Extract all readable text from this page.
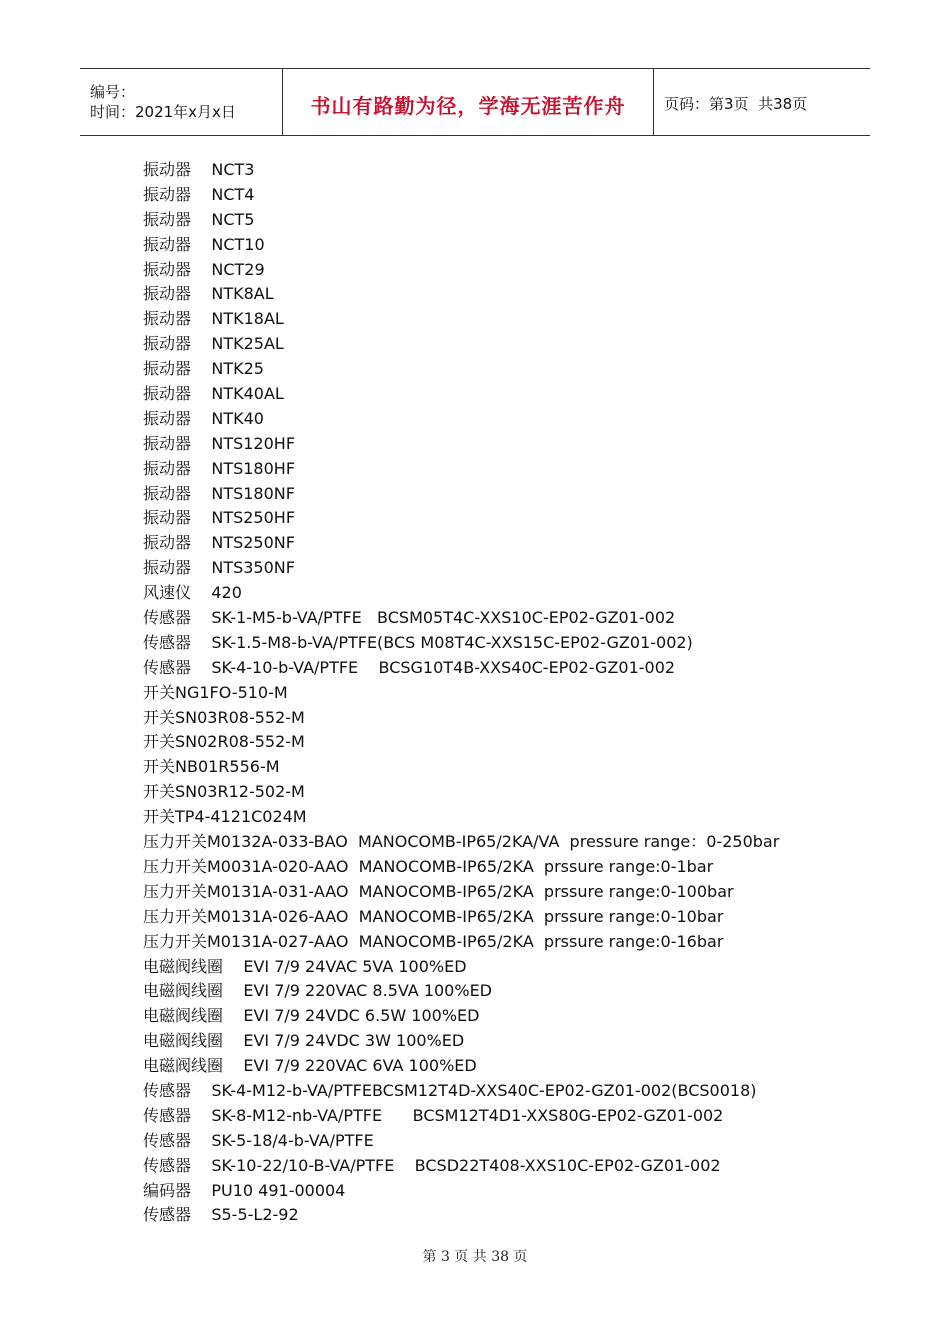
编号：
时间：2021年x月x日	书山有路勤为径，学海无涯苦作舟	页码：第3页  共38页
振动器    NCT3
振动器    NCT4
振动器    NCT5
振动器    NCT10
振动器    NCT29
振动器    NTK8AL
振动器    NTK18AL
振动器    NTK25AL
振动器    NTK25
振动器    NTK40AL
振动器    NTK40
振动器    NTS120HF
振动器    NTS180HF
振动器    NTS180NF
振动器    NTS250HF
振动器    NTS250NF
振动器    NTS350NF
风速仪    420
传感器    SK-1-M5-b-VA/PTFE   BCSM05T4C-XXS10C-EP02-GZ01-002
传感器    SK-1.5-M8-b-VA/PTFE(BCS M08T4C-XXS15C-EP02-GZ01-002)
传感器    SK-4-10-b-VA/PTFE    BCSG10T4B-XXS40C-EP02-GZ01-002
开关NG1FO-510-M
开关SN03R08-552-M
开关SN02R08-552-M
开关NB01R556-M
开关SN03R12-502-M
开关TP4-4121C024M
压力开关M0132A-033-BAO  MANOCOMB-IP65/2KA/VA  pressure range：0-250bar
压力开关M0031A-020-AAO  MANOCOMB-IP65/2KA  prssure range:0-1bar
压力开关M0131A-031-AAO  MANOCOMB-IP65/2KA  prssure range:0-100bar
压力开关M0131A-026-AAO  MANOCOMB-IP65/2KA  prssure range:0-10bar
压力开关M0131A-027-AAO  MANOCOMB-IP65/2KA  prssure range:0-16bar
电磁阀线圈    EVI 7/9 24VAC 5VA 100%ED
电磁阀线圈    EVI 7/9 220VAC 8.5VA 100%ED
电磁阀线圈    EVI 7/9 24VDC 6.5W 100%ED
电磁阀线圈    EVI 7/9 24VDC 3W 100%ED
电磁阀线圈    EVI 7/9 220VAC 6VA 100%ED
传感器    SK-4-M12-b-VA/PTFEBCSM12T4D-XXS40C-EP02-GZ01-002(BCS0018)
传感器    SK-8-M12-nb-VA/PTFE      BCSM12T4D1-XXS80G-EP02-GZ01-002
传感器    SK-5-18/4-b-VA/PTFE
传感器    SK-10-22/10-B-VA/PTFE    BCSD22T408-XXS10C-EP02-GZ01-002
编码器    PU10 491-00004
传感器    S5-5-L2-92
第 3 页 共 38 页
